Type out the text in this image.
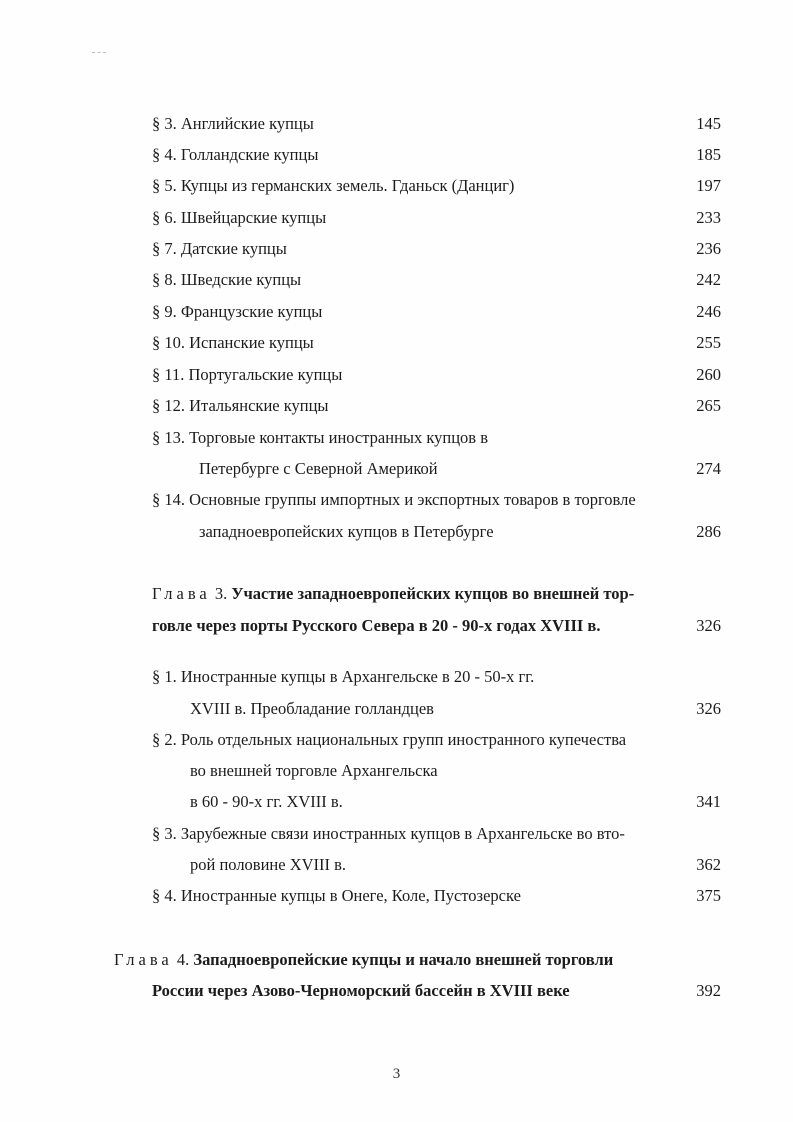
§ 3. Английские купцы	145
§ 4. Голландские купцы	185
§ 5. Купцы из германских земель. Гданьск (Данциг)	197
§ 6. Швейцарские купцы	233
§ 7. Датские купцы	236
§ 8. Шведские купцы	242
§ 9. Французские купцы	246
§ 10. Испанские купцы	255
§ 11. Португальские купцы	260
§ 12. Итальянские купцы	265
§ 13. Торговые контакты иностранных купцов в
Петербурге с Северной Америкой	274
§ 14. Основные группы импортных и экспортных товаров в торговле
западноевропейских купцов в Петербурге	286
Глава 3. Участие западноевропейских купцов во внешней тор-
говле через порты Русского Севера в 20 - 90-х годах XVIII в.	326
§ 1. Иностранные купцы в Архангельске в 20 - 50-х гг.
XVIII в. Преобладание голландцев	326
§ 2. Роль отдельных национальных групп иностранного купечества
во внешней торговле Архангельска
в 60 - 90-х гг. XVIII в.	341
§ 3. Зарубежные связи иностранных купцов в Архангельске во вто-
рой половине XVIII в.	362
§ 4. Иностранные купцы в Онеге, Коле, Пустозерске	375
Глава 4. Западноевропейские купцы и начало внешней торговли
России через Азово-Черноморский бассейн в XVIII веке	392
3
